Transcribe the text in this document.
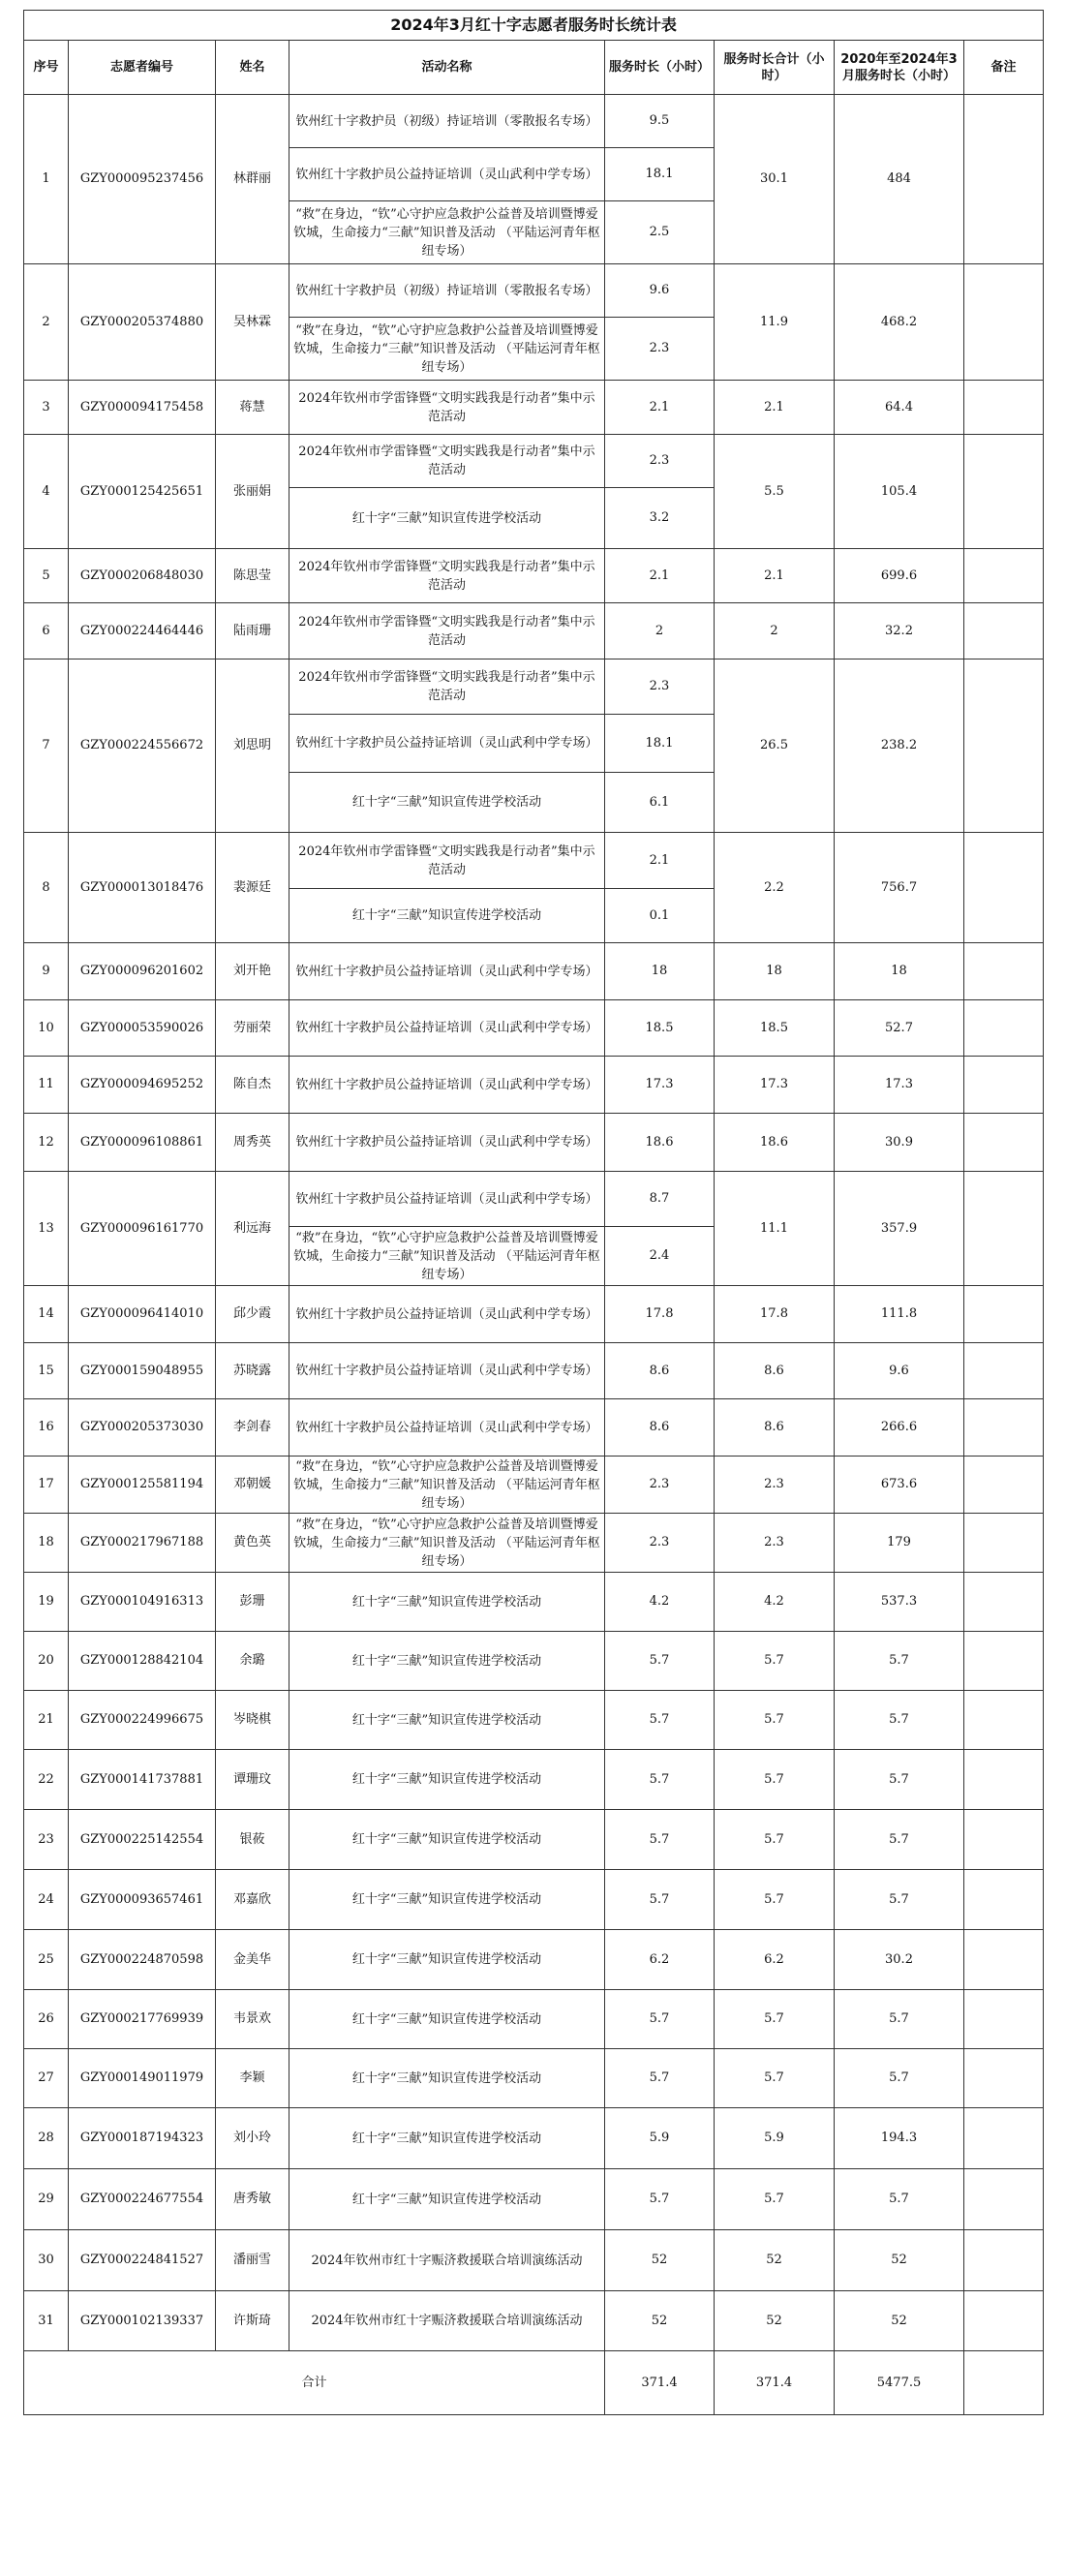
2024年3月红十字志愿者服务时长统计表							
序号	志愿者编号	姓名	活动名称	服务时长（小时）	服务时长合计（小时）	2020年至2024年3月服务时长（小时）	备注
1	GZY000095237456	林群丽	钦州红十字救护员（初级）持证培训（零散报名专场）	9.5	30.1	484	
			钦州红十字救护员公益持证培训（灵山武利中学专场）	18.1			
			“救”在身边，“钦”心守护应急救护公益普及培训暨博爱钦城，生命接力“三献”知识普及活动 （平陆运河青年枢纽专场）	2.5			
2	GZY000205374880	吴林霖	钦州红十字救护员（初级）持证培训（零散报名专场）	9.6	11.9	468.2	
			“救”在身边，“钦”心守护应急救护公益普及培训暨博爱钦城，生命接力“三献”知识普及活动 （平陆运河青年枢纽专场）	2.3			
3	GZY000094175458	蒋慧	2024年钦州市学雷锋暨“文明实践我是行动者”集中示范活动	2.1	2.1	64.4	
4	GZY000125425651	张丽娟	2024年钦州市学雷锋暨“文明实践我是行动者”集中示范活动	2.3	5.5	105.4	
			红十字“三献”知识宣传进学校活动	3.2			
5	GZY000206848030	陈思莹	2024年钦州市学雷锋暨“文明实践我是行动者”集中示范活动	2.1	2.1	699.6	
6	GZY000224464446	陆雨珊	2024年钦州市学雷锋暨“文明实践我是行动者”集中示范活动	2	2	32.2	
7	GZY000224556672	刘思明	2024年钦州市学雷锋暨“文明实践我是行动者”集中示范活动	2.3	26.5	238.2	
			钦州红十字救护员公益持证培训（灵山武利中学专场）	18.1			
			红十字“三献”知识宣传进学校活动	6.1			
8	GZY000013018476	裴源廷	2024年钦州市学雷锋暨“文明实践我是行动者”集中示范活动	2.1	2.2	756.7	
			红十字“三献”知识宣传进学校活动	0.1			
9	GZY000096201602	刘开艳	钦州红十字救护员公益持证培训（灵山武利中学专场）	18	18	18	
10	GZY000053590026	劳丽荣	钦州红十字救护员公益持证培训（灵山武利中学专场）	18.5	18.5	52.7	
11	GZY000094695252	陈自杰	钦州红十字救护员公益持证培训（灵山武利中学专场）	17.3	17.3	17.3	
12	GZY000096108861	周秀英	钦州红十字救护员公益持证培训（灵山武利中学专场）	18.6	18.6	30.9	
13	GZY000096161770	利远海	钦州红十字救护员公益持证培训（灵山武利中学专场）	8.7	11.1	357.9	
			“救”在身边，“钦”心守护应急救护公益普及培训暨博爱钦城，生命接力“三献”知识普及活动 （平陆运河青年枢纽专场）	2.4			
14	GZY000096414010	邱少霞	钦州红十字救护员公益持证培训（灵山武利中学专场）	17.8	17.8	111.8	
15	GZY000159048955	苏晓露	钦州红十字救护员公益持证培训（灵山武利中学专场）	8.6	8.6	9.6	
16	GZY000205373030	李剑春	钦州红十字救护员公益持证培训（灵山武利中学专场）	8.6	8.6	266.6	
17	GZY000125581194	邓朝媛	“救”在身边，“钦”心守护应急救护公益普及培训暨博爱钦城，生命接力“三献”知识普及活动 （平陆运河青年枢纽专场）	2.3	2.3	673.6	
18	GZY000217967188	黄色英	“救”在身边，“钦”心守护应急救护公益普及培训暨博爱钦城，生命接力“三献”知识普及活动 （平陆运河青年枢纽专场）	2.3	2.3	179	
19	GZY000104916313	彭珊	红十字“三献”知识宣传进学校活动	4.2	4.2	537.3	
20	GZY000128842104	余璐	红十字“三献”知识宣传进学校活动	5.7	5.7	5.7	
21	GZY000224996675	岑晓棋	红十字“三献”知识宣传进学校活动	5.7	5.7	5.7	
22	GZY000141737881	谭珊玟	红十字“三献”知识宣传进学校活动	5.7	5.7	5.7	
23	GZY000225142554	银莜	红十字“三献”知识宣传进学校活动	5.7	5.7	5.7	
24	GZY000093657461	邓嘉欣	红十字“三献”知识宣传进学校活动	5.7	5.7	5.7	
25	GZY000224870598	金美华	红十字“三献”知识宣传进学校活动	6.2	6.2	30.2	
26	GZY000217769939	韦景欢	红十字“三献”知识宣传进学校活动	5.7	5.7	5.7	
27	GZY000149011979	李颖	红十字“三献”知识宣传进学校活动	5.7	5.7	5.7	
28	GZY000187194323	刘小玲	红十字“三献”知识宣传进学校活动	5.9	5.9	194.3	
29	GZY000224677554	唐秀敏	红十字“三献”知识宣传进学校活动	5.7	5.7	5.7	
30	GZY000224841527	潘丽雪	2024年钦州市红十字赈济救援联合培训演练活动	52	52	52	
31	GZY000102139337	许斯琦	2024年钦州市红十字赈济救援联合培训演练活动	52	52	52	
合计				371.4	371.4	5477.5	
